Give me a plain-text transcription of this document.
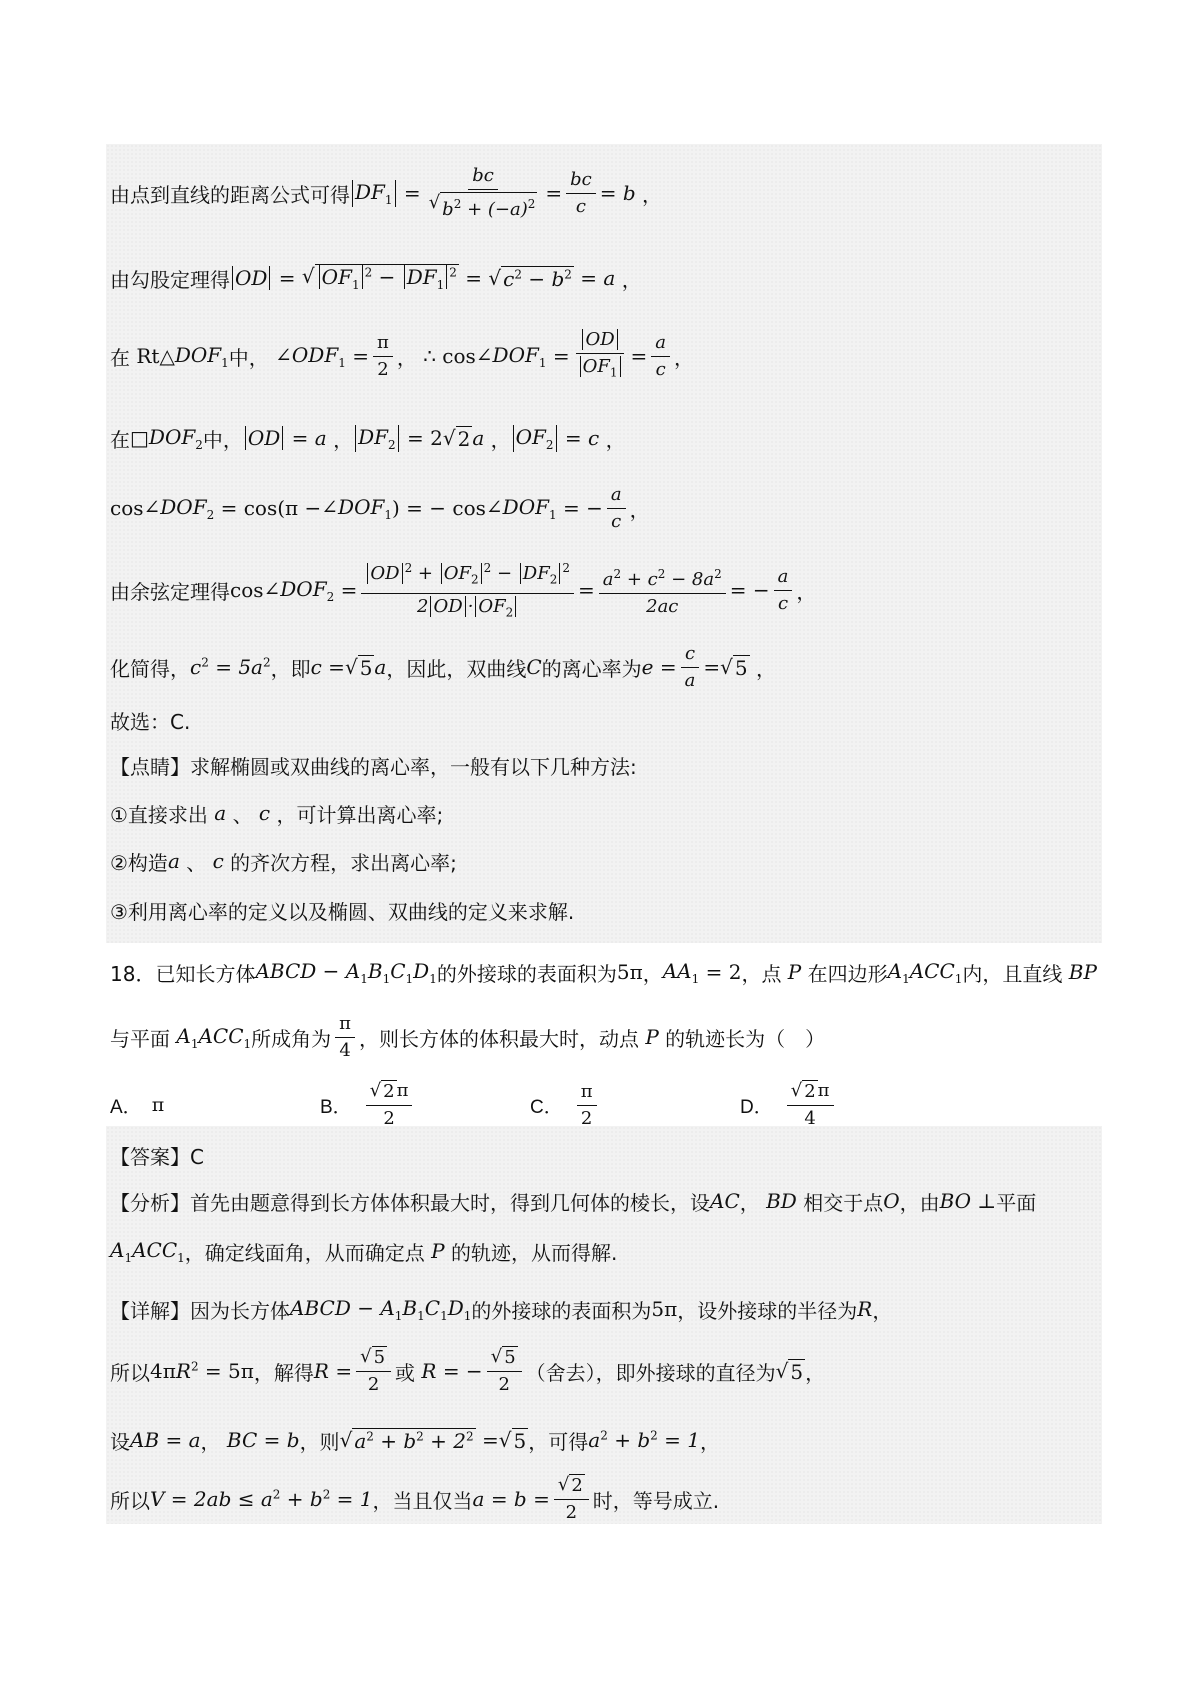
由点到直线的距离公式可得 $DF_1 = \frac{bc}{√ b^2 + (-a)^2} = \frac{bc}{c} = b$ ，
由勾股定理得 OD = √ $OF_1^2 - DF_1^2$ = √ $c^2 - b^2 = a$ ，
在 Rt△ $DOF_1$ 中， $\angle ODF_1 = \frac{\pi}{2}$ ， ∴ $\cos \angle DOF_1 = \frac{OD}{OF_1} = \frac{a}{c}$ ，
在 □ $DOF_2$ 中， OD = a ， $DF_2 = 2$ √ 2 a ， $OF_2 = c$ ，
$\cos \angle DOF_2 = \cos(\pi$ − $\angle DOF_1$ ) = − $\cos \angle DOF_1$ = − $\frac{a}{c}$ ，
由余弦定理得 $\cos \angle DOF_2 = \frac{OD ^2 + OF_2^2 - DF_2^2}{2 OD \cdot OF_2} = \frac{a^2 + c^2 - 8a^2}{2ac}$ = − $\frac{a}{c}$ ，
化简得， $c^2 = 5a^2$ ，即 c = √ 5 a ，因此，双曲线 C 的离心率为 $e = \frac{c}{a}$ = √ 5 ，
故选：C.
【点睛】 求解椭圆或双曲线的离心率，一般有以下几种方法:
①直接求出 a 、 c ，可计算出离心率;
②构造 a 、 c 的齐次方程，求出离心率;
③利用离心率的定义以及椭圆、双曲线的定义来求解.
18．已知长方体 ABCD − $A_1B_1C_1D_1$ 的外接球的表面积为 5π ， $AA_1 = 2$ ，点 P 在四边形 $A_1ACC_1$ 内，且直线 BP
与平面 $A_1ACC_1$ 所成角为 $\frac{\pi}{4}$ ，则长方体的体积最大时，动点 P 的轨迹长为（　）
A． π	B． $\frac{√ 2 \pi}{2}$	C． $\frac{\pi}{2}$	D． $\frac{√ 2 \pi}{4}$
【答案】C
【分析】 首先由题意得到长方体体积最大时，得到几何体的棱长，设 AC ， BD 相交于点 O ，由 BO ⊥ 平面
$A_1ACC_1$ ，确定线面角，从而确定点 P 的轨迹，从而得解.
【详解】 因为长方体 ABCD − $A_1B_1C_1D_1$ 的外接球的表面积为 5π ，设外接球的半径为 R ，
所以 4π $R^2 = 5\pi$ ，解得 $R = \frac{√ 5}{2}$ 或 R = − $\frac{√ 5}{2}$ （舍去），即外接球的直径为 √ 5 ，
设 AB = a ， BC = b ，则 √ $a^2 + b^2 + 2^2$ = √ 5 ，可得 $a^2 + b^2 = 1$ ，
所以 $V = 2ab \le a^2 + b^2 = 1$ ，当且仅当 $a = b = \frac{√ 2}{2}$ 时，等号成立.
